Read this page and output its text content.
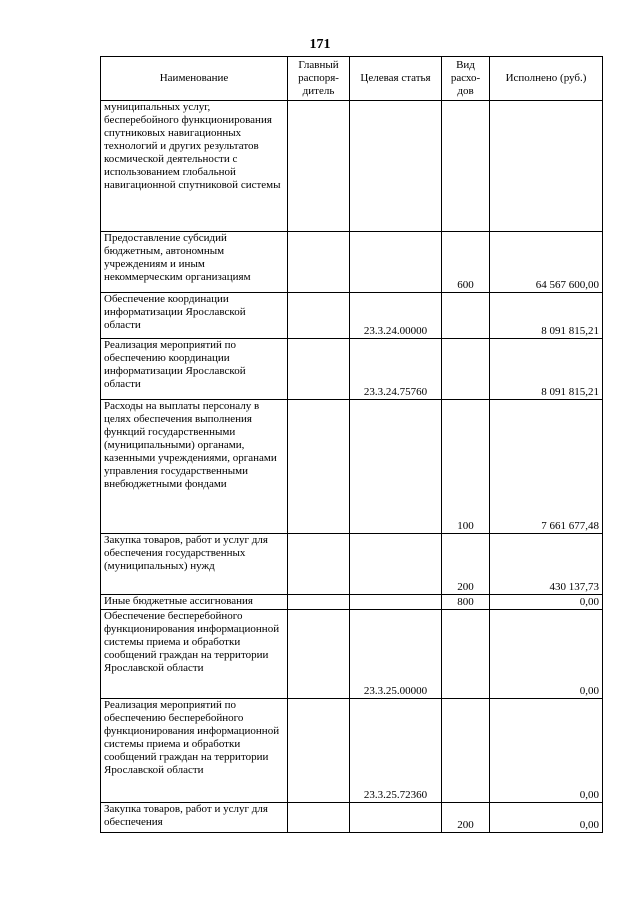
171
Наименование	Главный распоря-дитель	Целевая статья	Вид расхо-дов	Исполнено (руб.)
муниципальных услуг, бесперебойного функционирования спутниковых навигационных технологий и других результатов космической деятельности с использованием глобальной навигационной спутниковой системы				
Предоставление субсидий бюджетным, автономным учреждениям и иным некоммерческим организациям			600	64 567 600,00
Обеспечение координации информатизации Ярославской области		23.3.24.00000		8 091 815,21
Реализация мероприятий по обеспечению координации информатизации Ярославской области		23.3.24.75760		8 091 815,21
Расходы на выплаты персоналу в целях обеспечения выполнения функций государственными (муниципальными) органами, казенными учреждениями, органами управления государственными внебюджетными фондами			100	7 661 677,48
Закупка товаров, работ и услуг для обеспечения государственных (муниципальных) нужд			200	430 137,73
Иные бюджетные ассигнования			800	0,00
Обеспечение бесперебойного функционирования информационной системы приема и обработки сообщений граждан на территории Ярославской области		23.3.25.00000		0,00
Реализация мероприятий по обеспечению бесперебойного функционирования информационной системы приема и обработки сообщений граждан на территории Ярославской области		23.3.25.72360		0,00
Закупка товаров, работ и услуг для обеспечения			200	0,00
